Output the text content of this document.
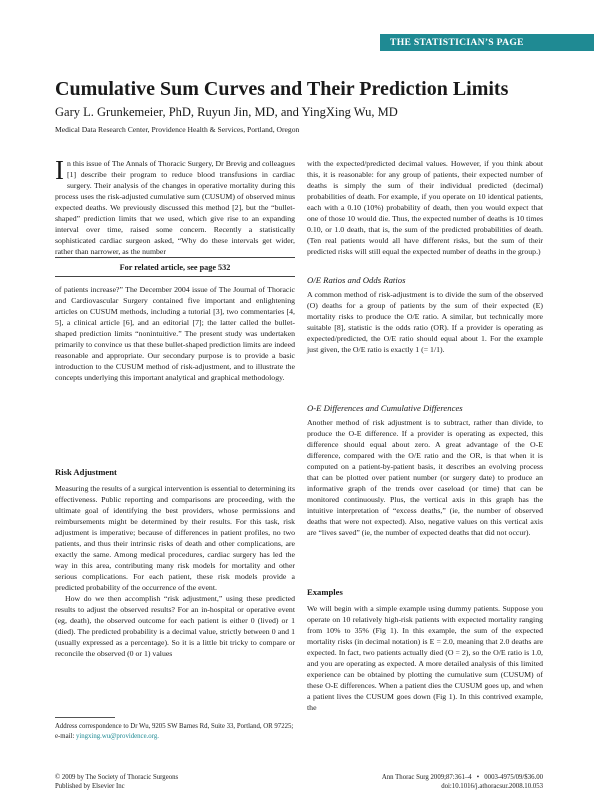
THE STATISTICIAN’S PAGE
Cumulative Sum Curves and Their Prediction Limits
Gary L. Grunkemeier, PhD, Ruyun Jin, MD, and YingXing Wu, MD
Medical Data Research Center, Providence Health & Services, Portland, Oregon
I n this issue of The Annals of Thoracic Surgery, Dr Brevig and colleagues [1] describe their program to reduce blood transfusions in cardiac surgery. Their analysis of the changes in operative mortality during this process uses the risk-adjusted cumulative sum (CUSUM) of observed minus expected deaths. We previously discussed this method [2], but the “bullet-shaped” prediction limits that we used, which give rise to an expanding interval over time, raised some concern. Recently a statistically sophisticated cardiac surgeon asked, “Why do these intervals get wider, rather than narrower, as the number
For related article, see page 532

of patients increase?” The December 2004 issue of The Journal of Thoracic and Cardiovascular Surgery contained five important and enlightening articles on CUSUM methods, including a tutorial [3], two commentaries [4, 5], a clinical article [6], and an editorial [7]; the latter called the bullet-shaped prediction limits “nonintuitive.” The present study was undertaken primarily to convince us that these bullet-shaped prediction limits are indeed reasonable and appropriate. Our secondary purpose is to provide a basic introduction to the CUSUM method of risk-adjustment, and to illustrate the concepts underlying this important analytical and graphical methodology.

Risk Adjustment

Measuring the results of a surgical intervention is essential to determining its effectiveness. Public reporting and comparisons are proceeding, with the ultimate goal of identifying the best providers, whose permissions and reimbursements might be determined by their results. For this task, risk adjustment is imperative; because of differences in patient profiles, no two patients, and thus their intrinsic risks of death and other complications, are exactly the same. Among medical procedures, cardiac surgery has led the way in this area, contributing many risk models for mortality and other serious complications. For each patient, these risk models provide a predicted probability of the occurrence of the event.

How do we then accomplish “risk adjustment,” using these predicted results to adjust the observed results? For an in-hospital or operative event (eg, death), the observed outcome for each patient is either 0 (lived) or 1 (died). The predicted probability is a decimal value, strictly between 0 and 1 (usually expressed as a percentage). So it is a little bit tricky to compare or reconcile the observed (0 or 1) values

Address correspondence to Dr Wu, 9205 SW Barnes Rd, Suite 33, Portland, OR 97225; e-mail: yingxing.wu@providence.org.

with the expected/predicted decimal values. However, if you think about this, it is reasonable: for any group of patients, their expected number of deaths is simply the sum of their individual predicted (decimal) probabilities of death. For example, if you operate on 10 identical patients, each with a 0.10 (10%) probability of death, then you would expect that one of those 10 would die. Thus, the expected number of deaths is 10 times 0.10, or 1.0 death, that is, the sum of the predicted probabilities of death. (Ten real patients would all have different risks, but the sum of their predicted risks will still equal the expected number of deaths in the group.)

O/E Ratios and Odds Ratios

A common method of risk-adjustment is to divide the sum of the observed (O) deaths for a group of patients by the sum of their expected (E) mortality risks to produce the O/E ratio. A similar, but technically more suitable [8], statistic is the odds ratio (OR). If a provider is operating as expected/predicted, the O/E ratio should equal about 1. For the example just given, the O/E ratio is exactly 1 (= 1/1).

O-E Differences and Cumulative Differences

Another method of risk adjustment is to subtract, rather than divide, to produce the O-E difference. If a provider is operating as expected, this difference should equal about zero. A great advantage of the O-E difference, compared with the O/E ratio and the OR, is that when it is computed on a patient-by-patient basis, it describes an evolving process that can be plotted over patient number (or surgery date) to produce an informative graph of the trends over caseload (or time) that can be monitored continuously. Plus, the vertical axis in this graph has the intuitive interpretation of “excess deaths,” (ie, the number of observed deaths that were not expected). Also, negative values on this vertical axis are “lives saved” (ie, the number of expected deaths that did not occur).

Examples

We will begin with a simple example using dummy patients. Suppose you operate on 10 relatively high-risk patients with expected mortality ranging from 10% to 35% (Fig 1). In this example, the sum of the expected mortality risks (in decimal notation) is E = 2.0, meaning that 2.0 deaths are expected. In fact, two patients actually died (O = 2), so the O/E ratio is 1.0, and you are operating as expected. A more detailed analysis of this limited experience can be obtained by plotting the cumulative sum (CUSUM) of these O-E differences. When a patient dies the CUSUM goes up, and when a patient lives the CUSUM goes down (Fig 1). In this contrived example, the

© 2009 by The Society of Thoracic Surgeons
Published by Elsevier Inc
Ann Thorac Surg 2009;87:361–4   •   0003-4975/09/$36.00
doi:10.1016/j.athoracsur.2008.10.053
